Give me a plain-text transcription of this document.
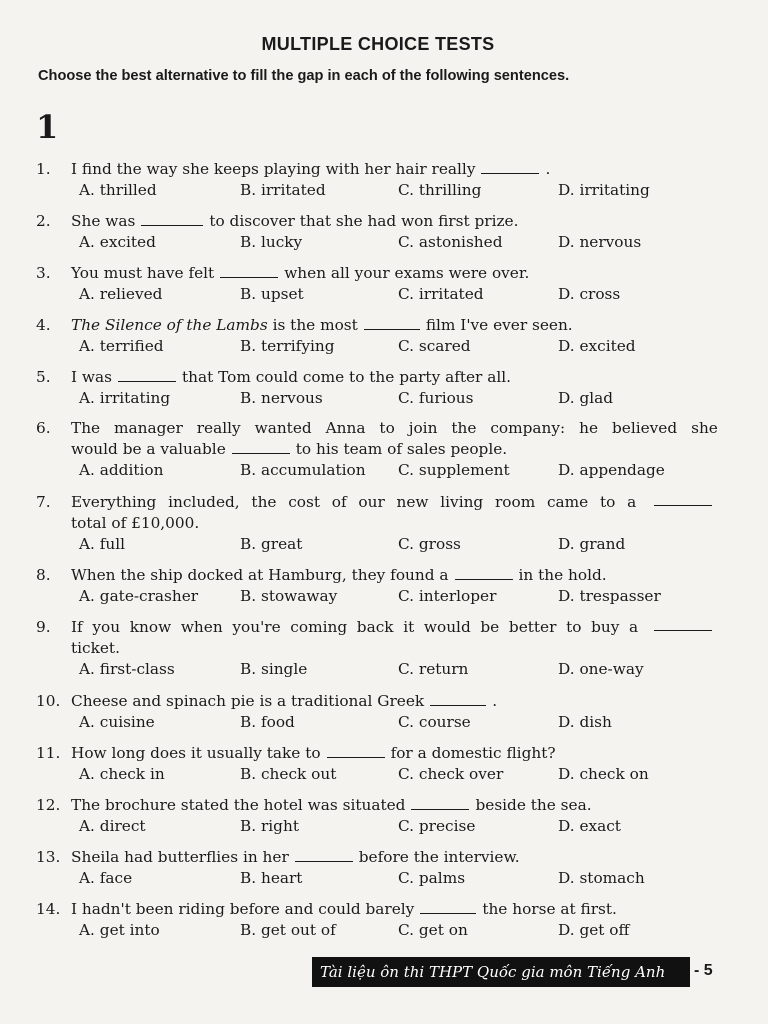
MULTIPLE CHOICE TESTS
Choose the best alternative to fill the gap in each of the following sentences.
1
1.	I find the way she keeps playing with her hair really	.
A. thrilled	B. irritated	C. thrilling	D. irritating
2.	She was	to discover that she had won first prize.
A. excited	B. lucky	C. astonished	D. nervous
3.	You must have felt	when all your exams were over.
A. relieved	B. upset	C. irritated	D. cross
4.	The Silence of the Lambs is the most	film I've ever seen.
A. terrified	B. terrifying	C. scared	D. excited
5.	I was	that Tom could come to the party after all.
A. irritating	B. nervous	C. furious	D. glad
6.	The manager really wanted Anna to join the company: he believed she
would be a valuable	to his team of sales people.
A. addition	B. accumulation C. supplement	D. appendage
7.	Everything included, the cost of our new living room came to a
total of £10,000.
A. full	B. great	C. gross	D. grand
8.	When the ship docked at Hamburg, they found a	in the hold.
A. gate-crasher	B. stowaway	C. interloper	D. trespasser
9.	If you know when you're coming back it would be better to buy a
ticket.
A. first-class	B. single	C. return	D. one-way
10. Cheese and spinach pie is a traditional Greek	.
A. cuisine	B. food	C. course	D. dish
11. How long does it usually take to	for a domestic flight?
A. check in	B. check out	C. check over	D. check on
12. The brochure stated the hotel was situated	beside the sea.
A. direct	B. right	C. precise	D. exact
13. Sheila had butterflies in her	before the interview.
A. face	B. heart	C. palms	D. stomach
14. I hadn't been riding before and could barely	the horse at first.
A. get into	B. get out of	C. get on	D. get off
Tài liệu ôn thi THPT Quốc gia môn Tiếng Anh	- 5
